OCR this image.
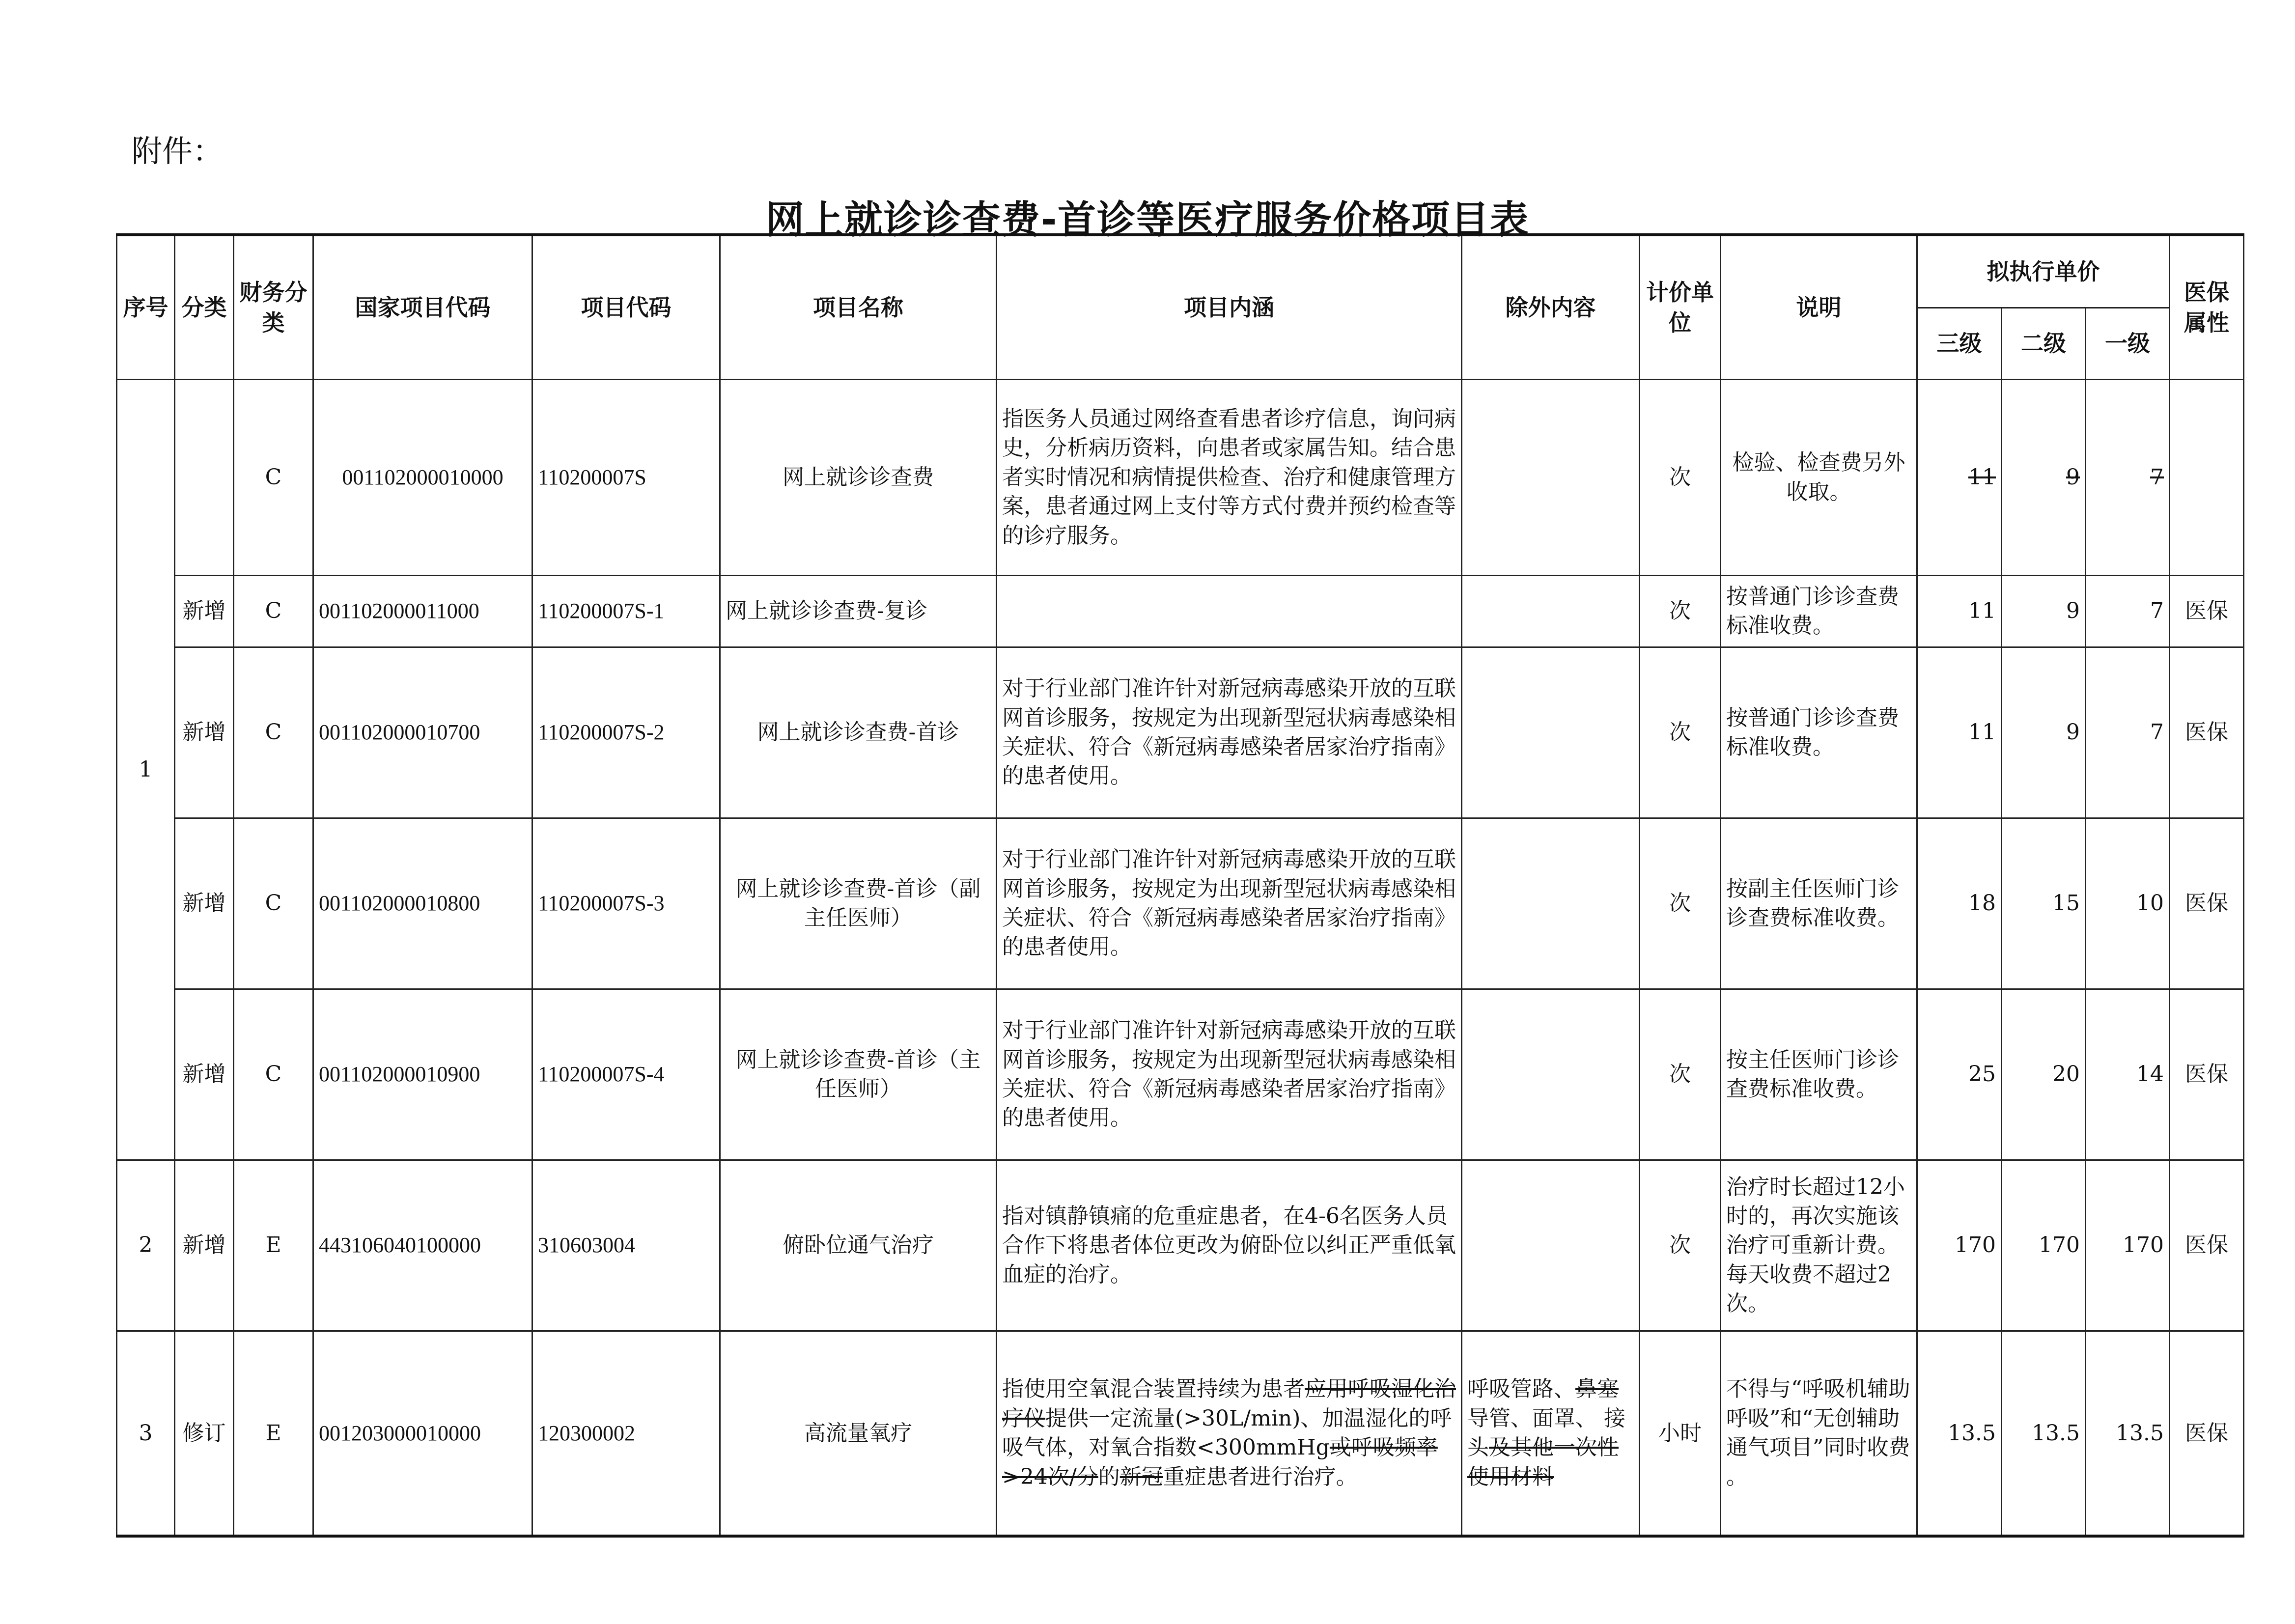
附件：
网上就诊诊查费-首诊等医疗服务价格项目表
序号	分类	财务分类	国家项目代码	项目代码	项目名称	项目内涵	除外内容	计价单位	说明	拟执行单价			医保属性
										三级	二级	一级	
1		C	001102000010000	110200007S	网上就诊诊查费	指医务人员通过网络查看患者诊疗信息，询问病史，分析病历资料，向患者或家属告知。结合患者实时情况和病情提供检查、治疗和健康管理方案，患者通过网上支付等方式付费并预约检查等的诊疗服务。		次	检验、检查费另外收取。	11	9	7	
	新增	C	001102000011000	110200007S-1	网上就诊诊查费-复诊			次	按普通门诊诊查费标准收费。	11	9	7	医保
	新增	C	001102000010700	110200007S-2	网上就诊诊查费-首诊	对于行业部门准许针对新冠病毒感染开放的互联网首诊服务，按规定为出现新型冠状病毒感染相关症状、符合《新冠病毒感染者居家治疗指南》的患者使用。		次	按普通门诊诊查费标准收费。	11	9	7	医保
	新增	C	001102000010800	110200007S-3	网上就诊诊查费-首诊（副主任医师）	对于行业部门准许针对新冠病毒感染开放的互联网首诊服务，按规定为出现新型冠状病毒感染相关症状、符合《新冠病毒感染者居家治疗指南》的患者使用。		次	按副主任医师门诊诊查费标准收费。	18	15	10	医保
	新增	C	001102000010900	110200007S-4	网上就诊诊查费-首诊（主任医师）	对于行业部门准许针对新冠病毒感染开放的互联网首诊服务，按规定为出现新型冠状病毒感染相关症状、符合《新冠病毒感染者居家治疗指南》的患者使用。		次	按主任医师门诊诊查费标准收费。	25	20	14	医保
2	新增	E	443106040100000	310603004	俯卧位通气治疗	指对镇静镇痛的危重症患者，在4-6名医务人员合作下将患者体位更改为俯卧位以纠正严重低氧血症的治疗。		次	治疗时长超过12小时的，再次实施该治疗可重新计费。每天收费不超过2次。	170	170	170	医保
3	修订	E	001203000010000	120300002	高流量氧疗	指使用空氧混合装置持续为患者应用呼吸湿化治疗仪提供一定流量(>30L/min)、加温湿化的呼吸气体，对氧合指数<300mmHg或呼吸频率>24次/分的新冠重症患者进行治疗。	呼吸管路、鼻塞导管、面罩、 接头及其他一次性使用材料	小时	不得与“呼吸机辅助呼吸”和“无创辅助通气项目”同时收费 。	13.5	13.5	13.5	医保
